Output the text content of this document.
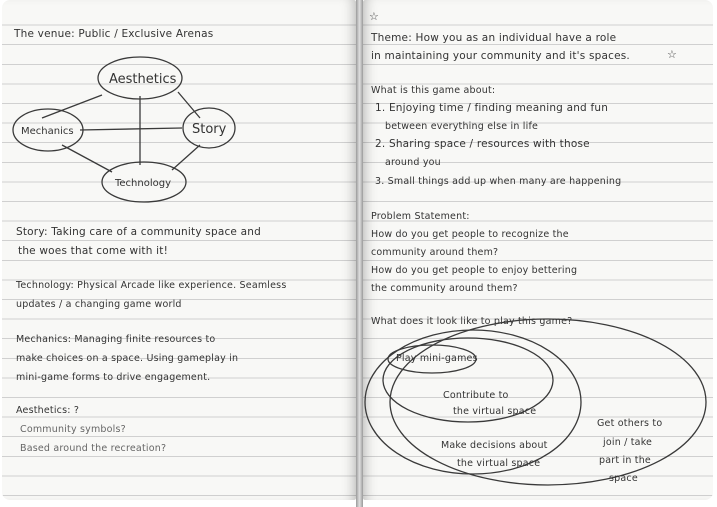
The venue: Public / Exclusive Arenas
Aesthetics
Mechanics	Story
Technology
Story: Taking care of a community space and
the woes that come with it!
Technology: Physical Arcade like experience. Seamless
updates / a changing game world
Mechanics: Managing finite resources to
make choices on a space. Using gameplay in
mini-game forms to drive engagement.
Aesthetics: ?
Community symbols?
Based around the recreation?
☆
Theme: How you as an individual have a role
in maintaining your community and it's spaces.	☆
What is this game about:
1. Enjoying time / finding meaning and fun
between everything else in life
2. Sharing space / resources with those
around you
3. Small things add up when many are happening
Problem Statement:
How do you get people to recognize the
community around them?
How do you get people to enjoy bettering
the community around them?
What does it look like to play this game?
Play mini-games
Contribute to
the virtual space
Make decisions about
the virtual space
Get others to
join / take
part in the
space
